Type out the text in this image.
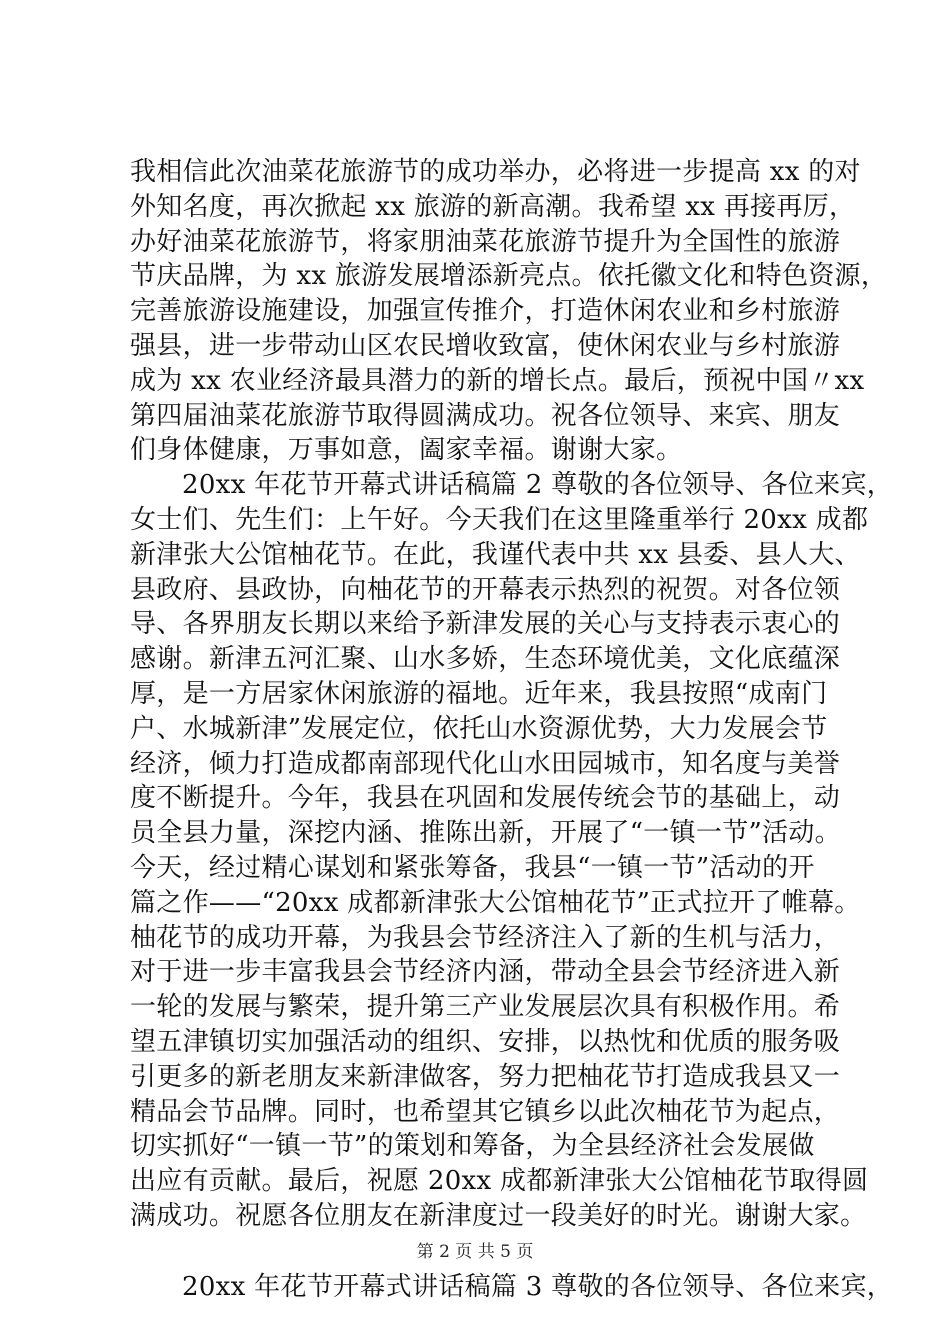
我相信此次油菜花旅游节的成功举办，必将进一步提高 xx 的对
外知名度，再次掀起 xx 旅游的新高潮。我希望 xx 再接再厉，
办好油菜花旅游节，将家朋油菜花旅游节提升为全国性的旅游
节庆品牌，为 xx 旅游发展增添新亮点。依托徽文化和特色资源，
完善旅游设施建设，加强宣传推介，打造休闲农业和乡村旅游
强县，进一步带动山区农民增收致富，使休闲农业与乡村旅游
成为 xx 农业经济最具潜力的新的增长点。最后，预祝中国〃xx
第四届油菜花旅游节取得圆满成功。祝各位领导、来宾、朋友
们身体健康，万事如意，阖家幸福。谢谢大家。
20xx 年花节开幕式讲话稿篇 2 尊敬的各位领导、各位来宾，
女士们、先生们：上午好。今天我们在这里隆重举行 20xx 成都
新津张大公馆柚花节。在此，我谨代表中共 xx 县委、县人大、
县政府、县政协，向柚花节的开幕表示热烈的祝贺。对各位领
导、各界朋友长期以来给予新津发展的关心与支持表示衷心的
感谢。新津五河汇聚、山水多娇，生态环境优美，文化底蕴深
厚，是一方居家休闲旅游的福地。近年来，我县按照“成南门
户、水城新津”发展定位，依托山水资源优势，大力发展会节
经济，倾力打造成都南部现代化山水田园城市，知名度与美誉
度不断提升。今年，我县在巩固和发展传统会节的基础上，动
员全县力量，深挖内涵、推陈出新，开展了“一镇一节”活动。
今天，经过精心谋划和紧张筹备，我县“一镇一节”活动的开
篇之作——“20xx 成都新津张大公馆柚花节”正式拉开了帷幕。
柚花节的成功开幕，为我县会节经济注入了新的生机与活力，
对于进一步丰富我县会节经济内涵，带动全县会节经济进入新
一轮的发展与繁荣，提升第三产业发展层次具有积极作用。希
望五津镇切实加强活动的组织、安排，以热忱和优质的服务吸
引更多的新老朋友来新津做客，努力把柚花节打造成我县又一
精品会节品牌。同时，也希望其它镇乡以此次柚花节为起点，
切实抓好“一镇一节”的策划和筹备，为全县经济社会发展做
出应有贡献。最后，祝愿 20xx 成都新津张大公馆柚花节取得圆
满成功。祝愿各位朋友在新津度过一段美好的时光。谢谢大家。
20xx 年花节开幕式讲话稿篇 3 尊敬的各位领导、各位来宾，
第 2 页 共 5 页
